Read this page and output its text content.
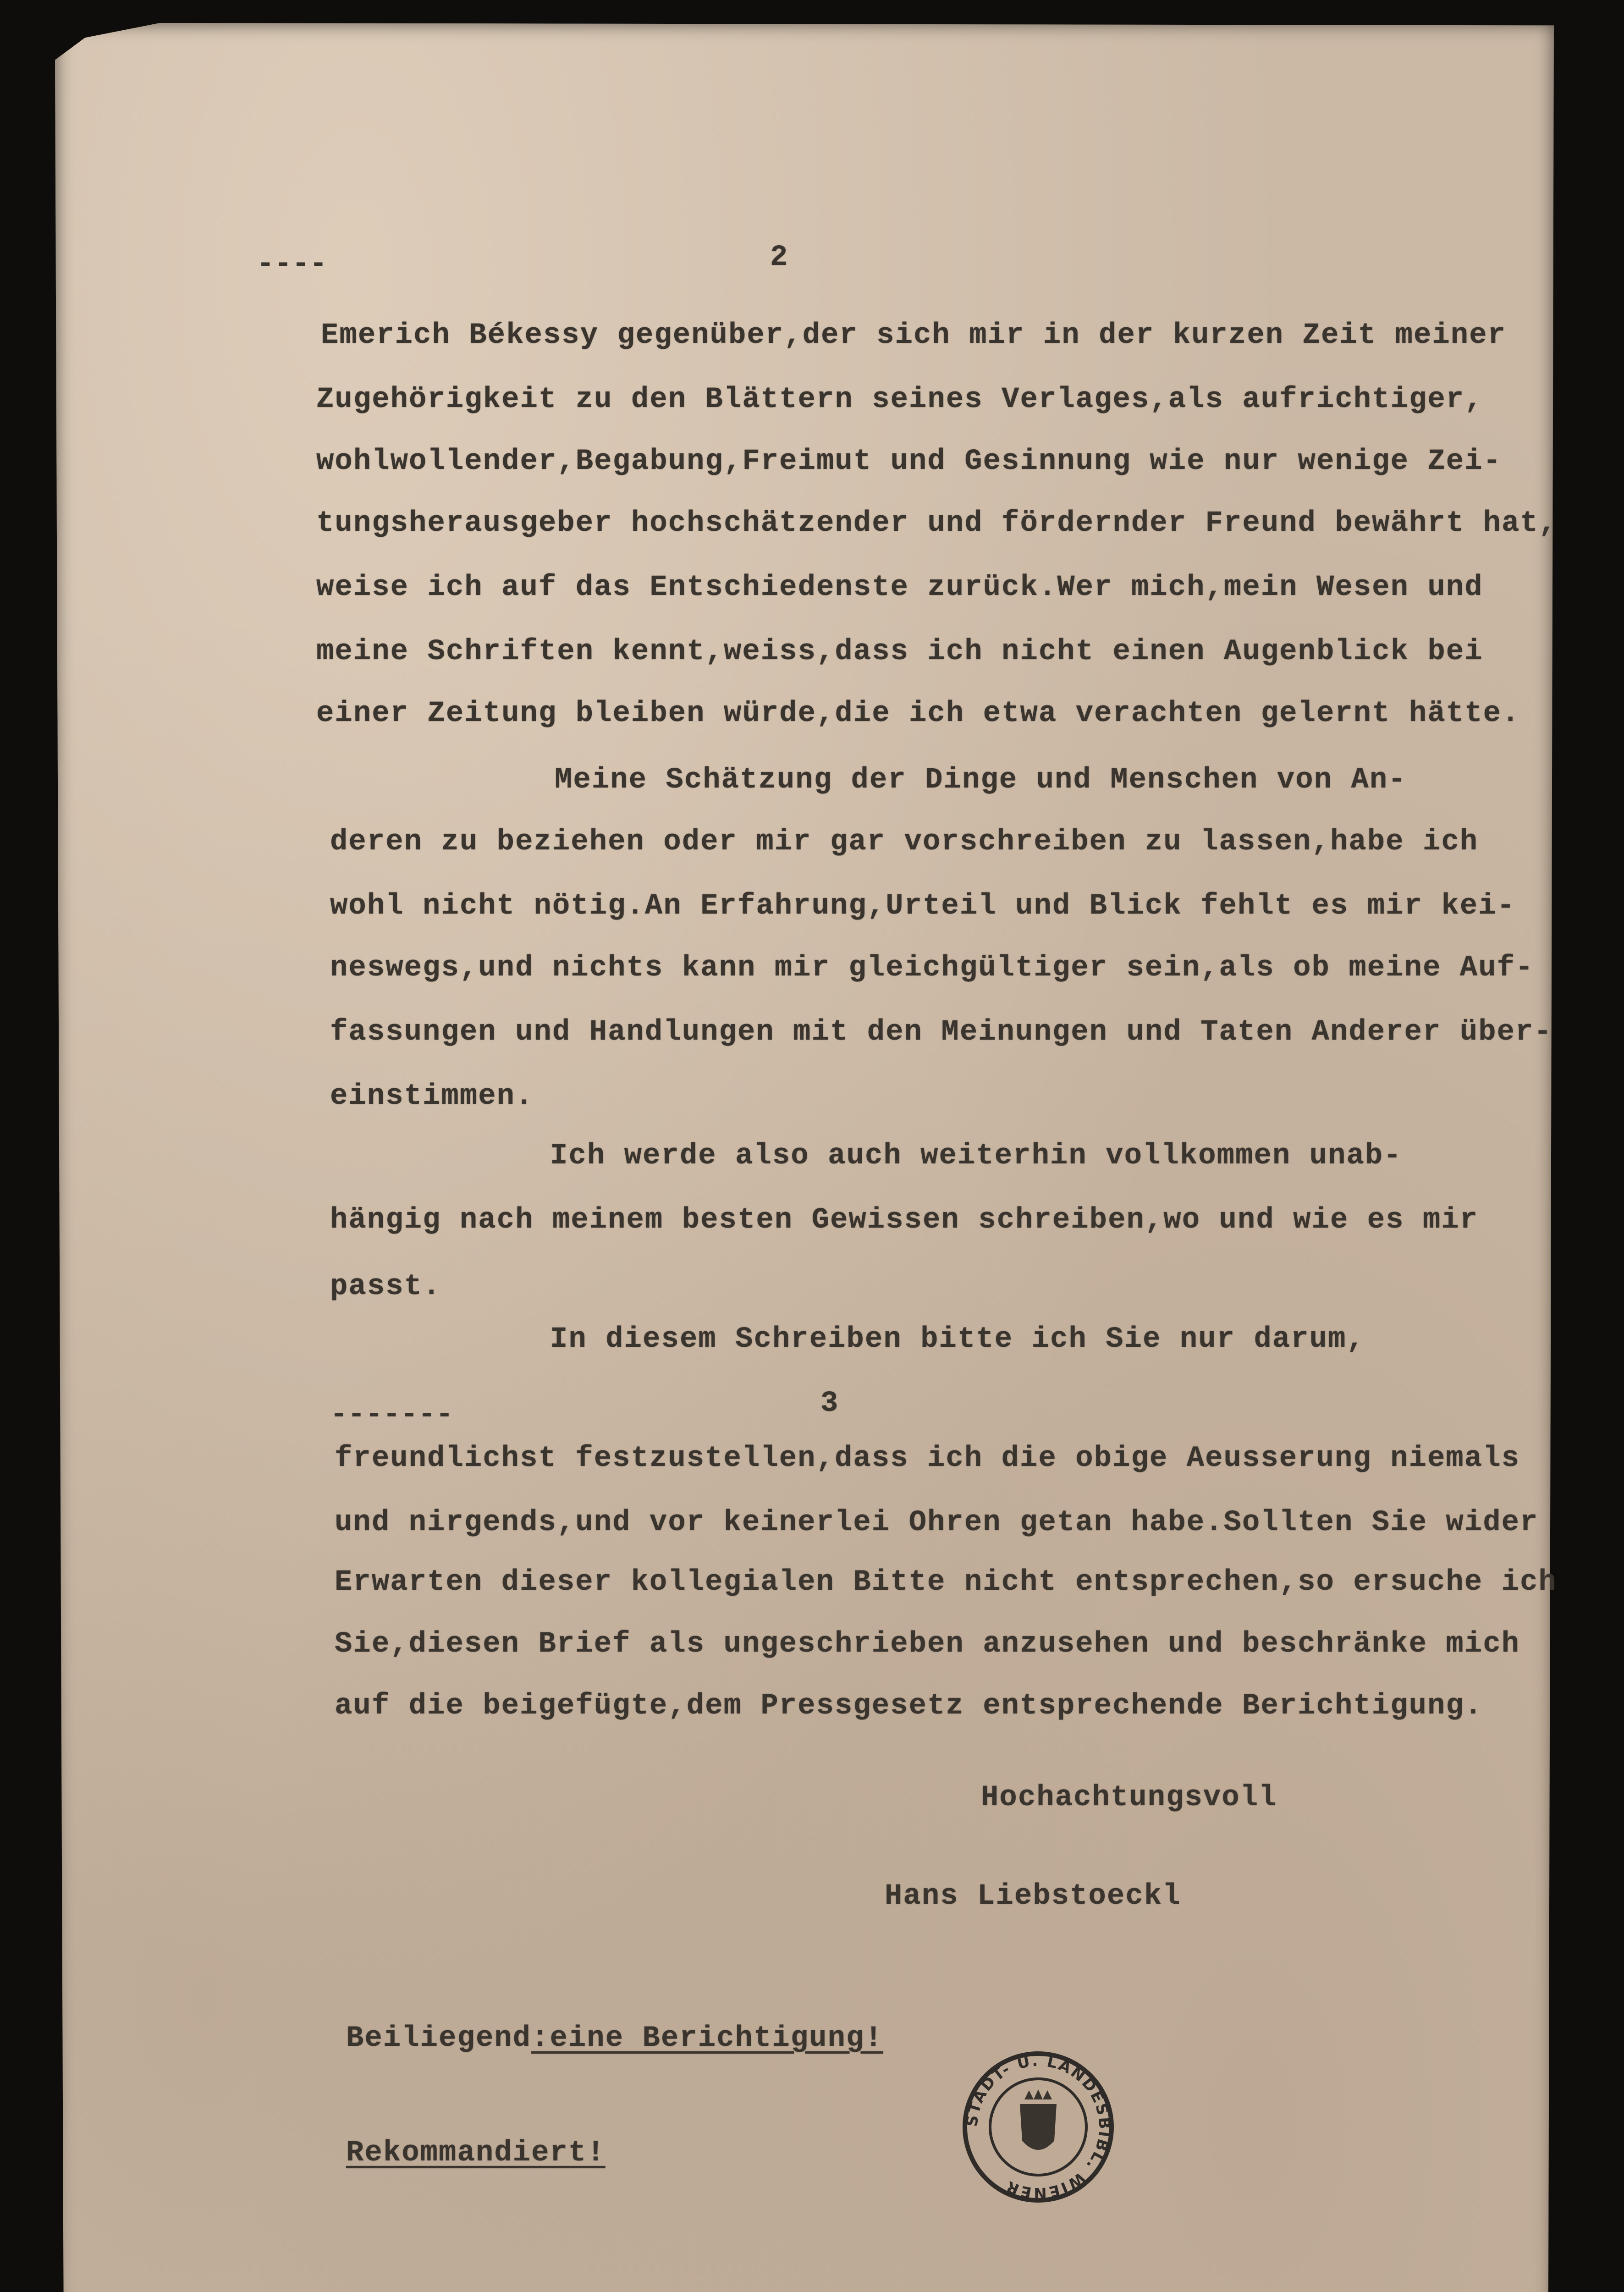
----	2
Emerich Békessy gegenüber,der sich mir in der kurzen Zeit meiner
Zugehörigkeit zu den Blättern seines Verlages,als aufrichtiger,
wohlwollender,Begabung,Freimut und Gesinnung wie nur wenige Zei-
tungsherausgeber hochschätzender und fördernder Freund bewährt hat,
weise ich auf das Entschiedenste zurück.Wer mich,mein Wesen und
meine Schriften kennt,weiss,dass ich nicht einen Augenblick bei
einer Zeitung bleiben würde,die ich etwa verachten gelernt hätte.
Meine Schätzung der Dinge und Menschen von An-
deren zu beziehen oder mir gar vorschreiben zu lassen,habe ich
wohl nicht nötig.An Erfahrung,Urteil und Blick fehlt es mir kei-
neswegs,und nichts kann mir gleichgültiger sein,als ob meine Auf-
fassungen und Handlungen mit den Meinungen und Taten Anderer über-
einstimmen.
Ich werde also auch weiterhin vollkommen unab-
hängig nach meinem besten Gewissen schreiben,wo und wie es mir
passt.
In diesem Schreiben bitte ich Sie nur darum,
-------	3
freundlichst festzustellen,dass ich die obige Aeusserung niemals
und nirgends,und vor keinerlei Ohren getan habe.Sollten Sie wider
Erwarten dieser kollegialen Bitte nicht entsprechen,so ersuche ich
Sie,diesen Brief als ungeschrieben anzusehen und beschränke mich
auf die beigefügte,dem Pressgesetz entsprechende Berichtigung.
Hochachtungsvoll
Hans Liebstoeckl
Beiliegend:eine Berichtigung!
Rekommandiert!
STADT- U. LANDESBIBL. WIENER
